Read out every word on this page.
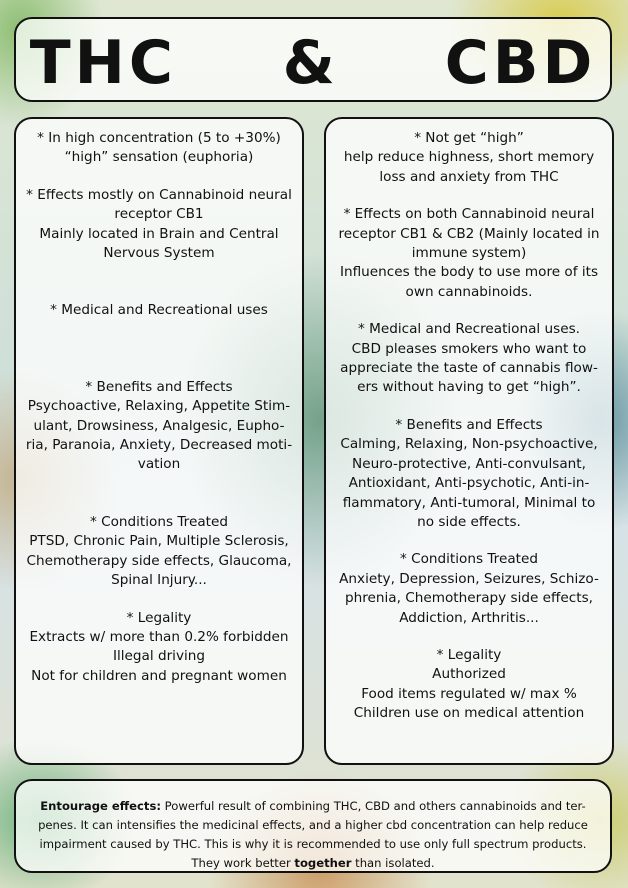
THC  &  CBD

* In high concentration (5 to +30%)

“high” sensation (euphoria)

* Effects mostly on Cannabinoid neural receptor CB1

Mainly located in Brain and Central Nervous System

* Medical and Recreational uses

* Benefits and Effects

Psychoactive, Relaxing, Appetite Stim-ulant, Drowsiness, Analgesic, Eupho-ria, Paranoia, Anxiety, Decreased moti-vation

* Conditions Treated

PTSD, Chronic Pain, Multiple Sclerosis, Chemotherapy side effects, Glaucoma, Spinal Injury...

* Legality

Extracts w/ more than 0.2% forbidden

Illegal driving

Not for children and pregnant women

* Not get “high”

help reduce highness, short memory loss and anxiety from THC

* Effects on both Cannabinoid neural receptor CB1 & CB2 (Mainly located in immune system)

Influences the body to use more of its own cannabinoids.

* Medical and Recreational uses.

CBD pleases smokers who want to appreciate the taste of cannabis flow-ers without having to get “high”.

* Benefits and Effects

Calming, Relaxing, Non-psychoactive, Neuro-protective, Anti-convulsant, Antioxidant, Anti-psychotic, Anti-in-flammatory, Anti-tumoral, Minimal to no side effects.

* Conditions Treated

Anxiety, Depression, Seizures, Schizo-phrenia, Chemotherapy side effects, Addiction, Arthritis...

* Legality

Authorized

Food items regulated w/ max %

Children use on medical attention

Entourage effects: Powerful result of combining THC, CBD and others cannabinoids and ter-penes. It can intensifies the medicinal effects, and a higher cbd concentration can help reduce impairment caused by THC. This is why it is recommended to use only full spectrum products. They work better together than isolated.
